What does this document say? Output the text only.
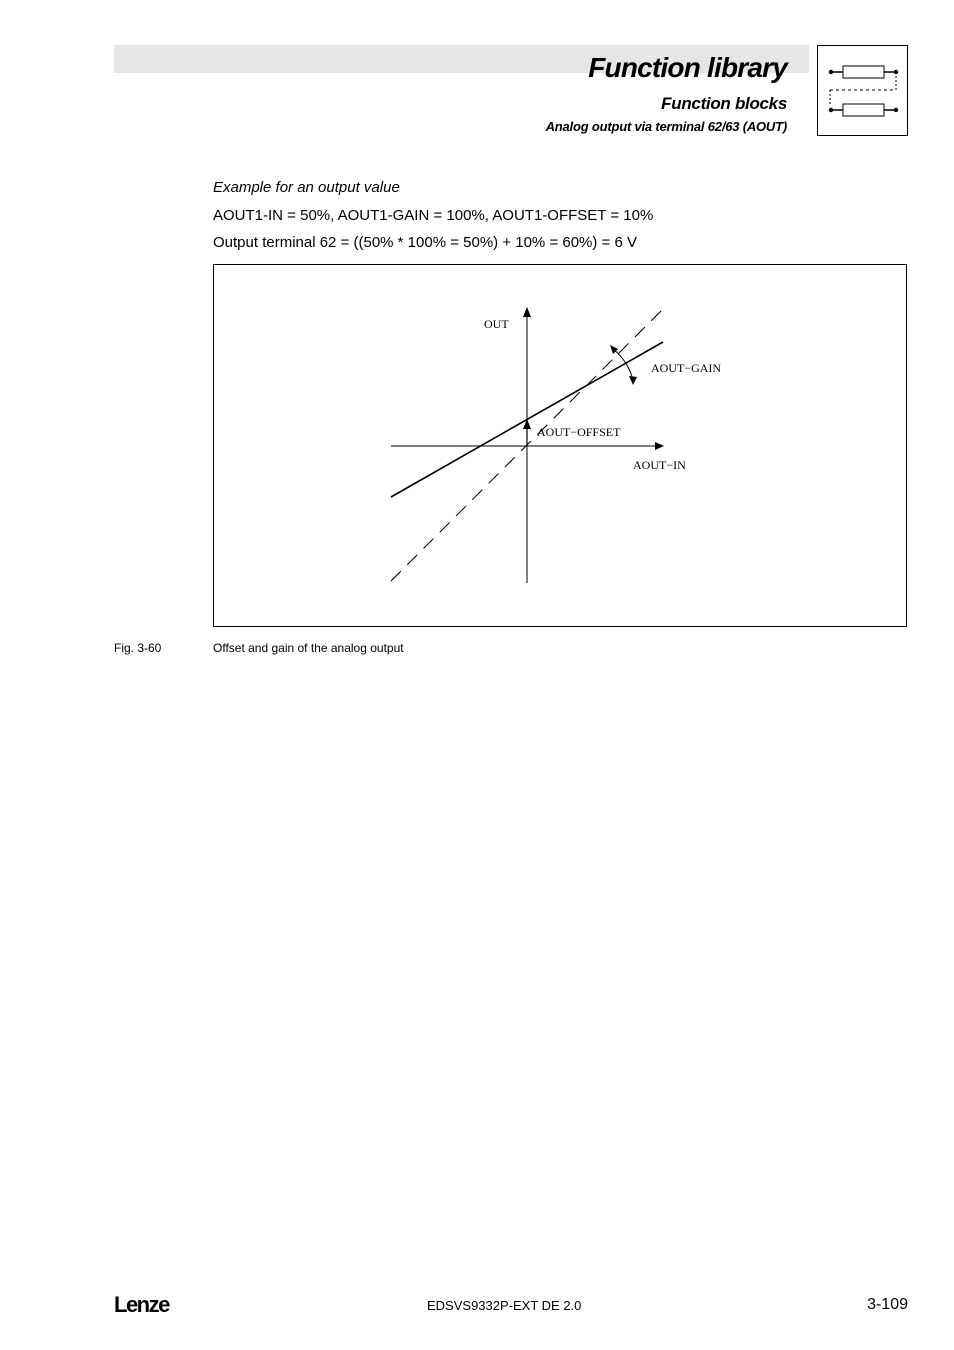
Function library
Function blocks
Analog output via terminal 62/63 (AOUT)
Example for an output value
AOUT1-IN = 50%, AOUT1-GAIN = 100%, AOUT1-OFFSET = 10%
Output terminal 62 = ((50% * 100% = 50%) + 10% = 60%) = 6 V
OUT
AOUT−GAIN
AOUT−OFFSET
AOUT−IN
Fig. 3-60	Offset and gain of the analog output
Lenze	EDSVS9332P-EXT DE 2.0	3-109
